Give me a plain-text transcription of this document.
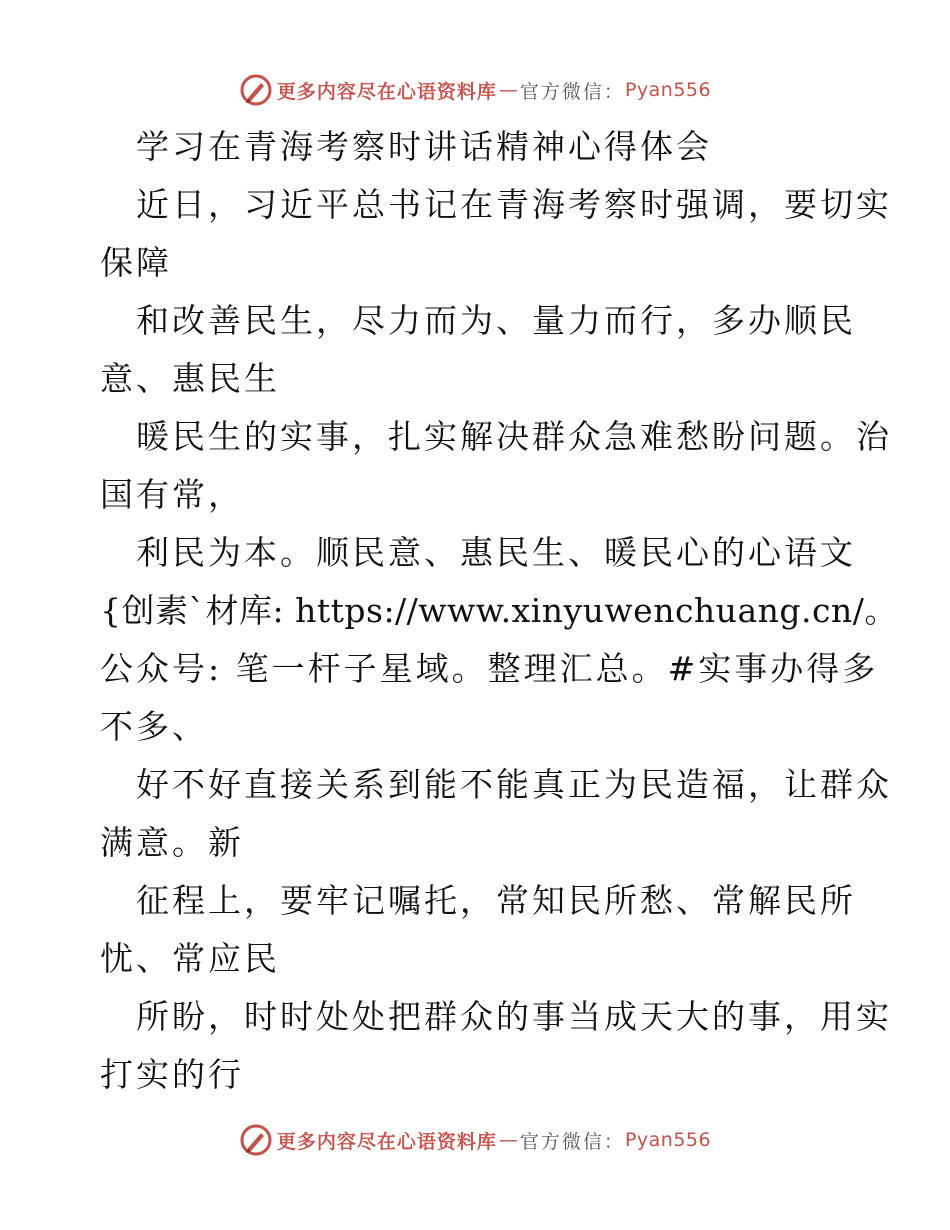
更多内容尽在心语资料库 — 官方微信： Pyan556
学习在青海考察时讲话精神心得体会
近日，习近平总书记在青海考察时强调，要切实
保障
和改善民生，尽力而为、量力而行，多办顺民
意、惠民生
暖民生的实事，扎实解决群众急难愁盼问题。治
国有常，
利民为本。顺民意、惠民生、暖民心的心语文
{创素`材库: https://www.xinyuwenchuang.cn/。
公众号: 笔一杆子星域。整理汇总。#实事办得多
不多、
好不好直接关系到能不能真正为民造福，让群众
满意。新
征程上，要牢记嘱托，常知民所愁、常解民所
忧、常应民
所盼，时时处处把群众的事当成天大的事，用实
打实的行
更多内容尽在心语资料库 — 官方微信： Pyan556
